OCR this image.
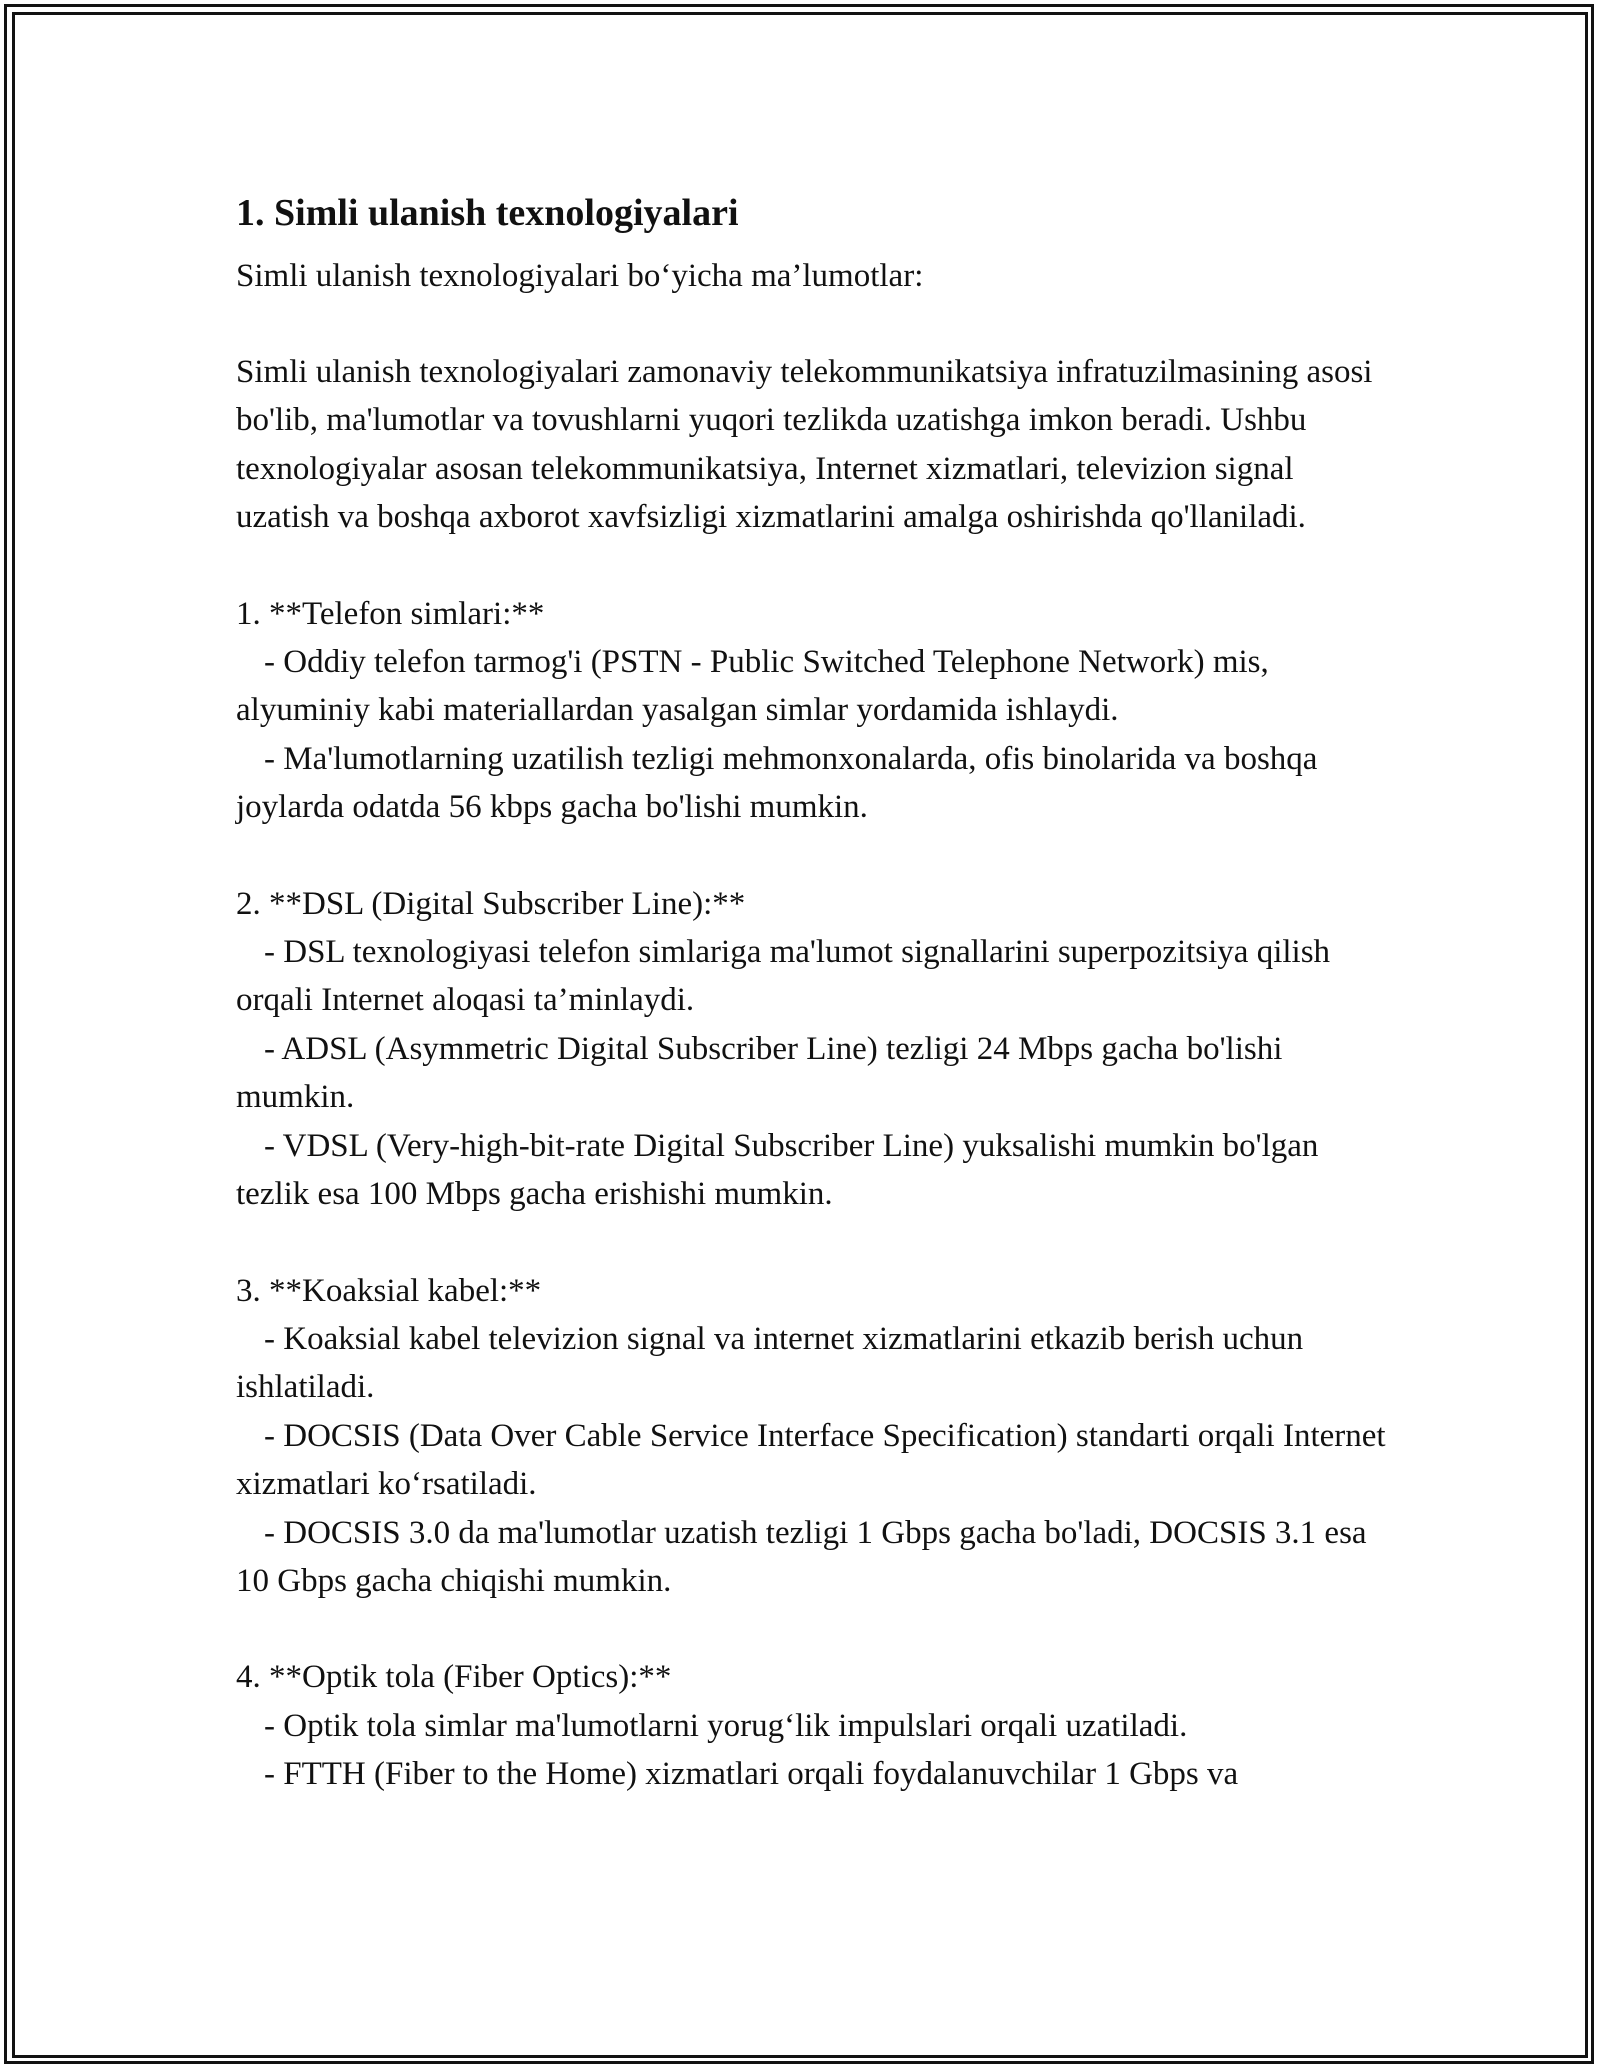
1. Simli ulanish texnologiyalari

Simli ulanish texnologiyalari bo‘yicha ma’lumotlar:

Simli ulanish texnologiyalari zamonaviy telekommunikatsiya infratuzilmasining asosi bo'lib, ma'lumotlar va tovushlarni yuqori tezlikda uzatishga imkon beradi. Ushbu texnologiyalar asosan telekommunikatsiya, Internet xizmatlari, televizion signal uzatish va boshqa axborot xavfsizligi xizmatlarini amalga oshirishda qo'llaniladi.

1. **Telefon simlari:**
- Oddiy telefon tarmog'i (PSTN - Public Switched Telephone Network) mis, alyuminiy kabi materiallardan yasalgan simlar yordamida ishlaydi.
- Ma'lumotlarning uzatilish tezligi mehmonxonalarda, ofis binolarida va boshqa joylarda odatda 56 kbps gacha bo'lishi mumkin.
2. **DSL (Digital Subscriber Line):**
- DSL texnologiyasi telefon simlariga ma'lumot signallarini superpozitsiya qilish orqali Internet aloqasi ta’minlaydi.
- ADSL (Asymmetric Digital Subscriber Line) tezligi 24 Mbps gacha bo'lishi mumkin.
- VDSL (Very-high-bit-rate Digital Subscriber Line) yuksalishi mumkin bo'lgan tezlik esa 100 Mbps gacha erishishi mumkin.
3. **Koaksial kabel:**
- Koaksial kabel televizion signal va internet xizmatlarini etkazib berish uchun ishlatiladi.
- DOCSIS (Data Over Cable Service Interface Specification) standarti orqali Internet xizmatlari ko‘rsatiladi.
- DOCSIS 3.0 da ma'lumotlar uzatish tezligi 1 Gbps gacha bo'ladi, DOCSIS 3.1 esa 10 Gbps gacha chiqishi mumkin.
4. **Optik tola (Fiber Optics):**
- Optik tola simlar ma'lumotlarni yorug‘lik impulslari orqali uzatiladi.
- FTTH (Fiber to the Home) xizmatlari orqali foydalanuvchilar 1 Gbps va
